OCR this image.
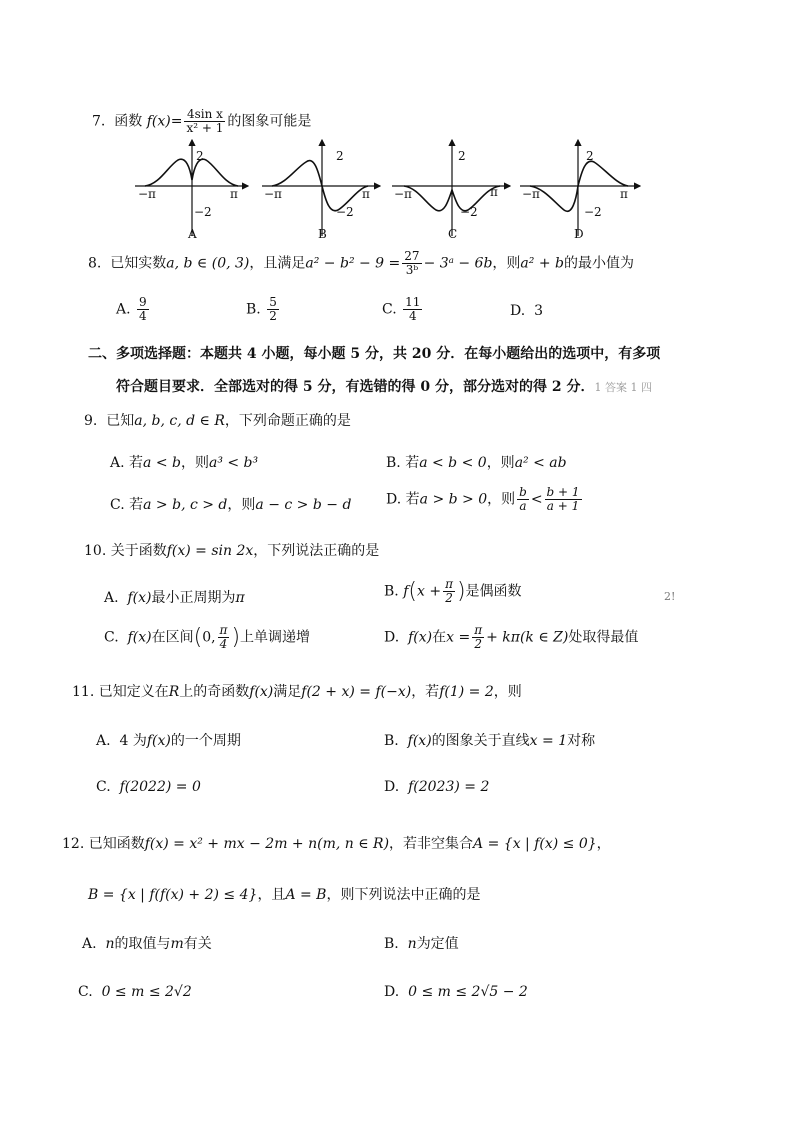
7. 函数 $f(x)= \frac{\text{4sin x}}{\text{x² + 1}}$ 的图象可能是
−π	π
2
−2
A
−π	π
2
−2
B
−π	π
2
−2
C
−π	π
2
−2
D
8. 已知实数a, b ∈ (0, 3)，且满足$a^2 - b^2 - 9 = \frac{27}{\text{3ᵇ}}$ − 3ᵃ − 6b，则a² + b的最小值为
A. $\frac{9}{4}$	B. $\frac{5}{2}$	C. $\frac{11}{4}$	D. 3
二、多项选择题：本题共 4 小题，每小题 5 分，共 20 分．在每小题给出的选项中，有多项
符合题目要求．全部选对的得 5 分，有选错的得 0 分，部分选对的得 2 分．1 答案 1 四
9. 已知a, b, c, d ∈ R，下列命题正确的是
A. 若a < b，则a³ < b³	B. 若a < b < 0，则a² < ab
C. 若a > b, c > d，则a − c > b − d D. 若a > b > 0，则 $\frac{b}{a} < \frac{b + 1}{a + 1}$
10. 关于函数f(x) = sin 2x，下列说法正确的是
A. f(x)最小正周期为π	B. $f(x + \frac{\pi}{2}$ )是偶函数	2!
C. f(x)在区间(0, $\frac{\pi}{4}$ )上单调递增	D. f(x)在$x = \frac{\pi}{2} + k\pi(k$ ∈ Z)处取得最值
11. 已知定义在R上的奇函数f(x)满足f(2 + x) = f(−x)，若f(1) = 2，则
A. 4 为f(x)的一个周期	B. f(x)的图象关于直线x = 1对称
C. f(2022) = 0	D. f(2023) = 2
12. 已知函数f(x) = x² + mx − 2m + n(m, n ∈ R)，若非空集合A = {x | f(x) ≤ 0}，
B = {x | f(f(x) + 2) ≤ 4}，且A = B，则下列说法中正确的是
A. n的取值与m有关	B. n为定值
C. 0 ≤ m ≤ 2√2	D. 0 ≤ m ≤ 2√5 − 2
